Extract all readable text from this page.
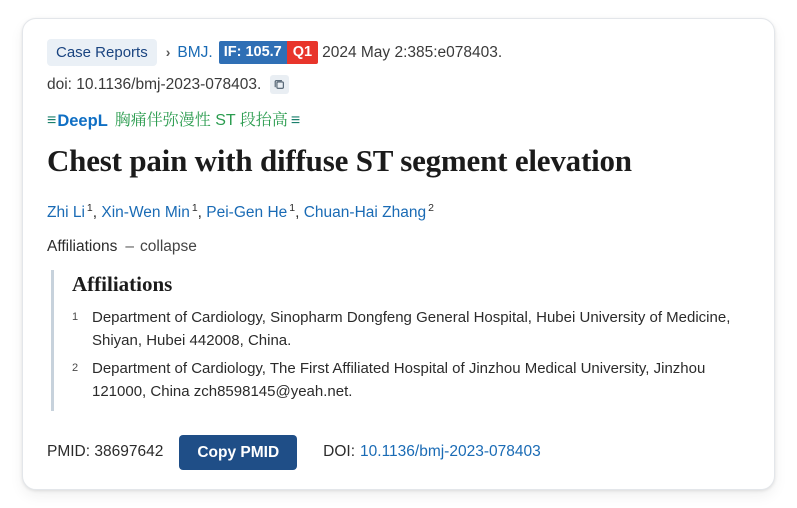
Case Reports	› BMJ. IF: 105.7 Q1 2024 May 2:385:e078403.
doi: 10.1136/bmj-2023-078403.
≡ DeepL 胸痛伴弥漫性 ST 段抬高 ≡
Chest pain with diffuse ST segment elevation
Zhi Li $^1$, Xin-Wen Min $^1$, Pei-Gen He $^1$, Chuan-Hai Zhang $^2$
Affiliations – collapse
Affiliations
1 Department of Cardiology, Sinopharm Dongfeng General Hospital, Hubei University of Medicine, Shiyan, Hubei 442008, China.
2 Department of Cardiology, The First Affiliated Hospital of Jinzhou Medical University, Jinzhou 121000, China zch8598145@yeah.net.
PMID: 38697642	Copy PMID	DOI: 10.1136/bmj-2023-078403
